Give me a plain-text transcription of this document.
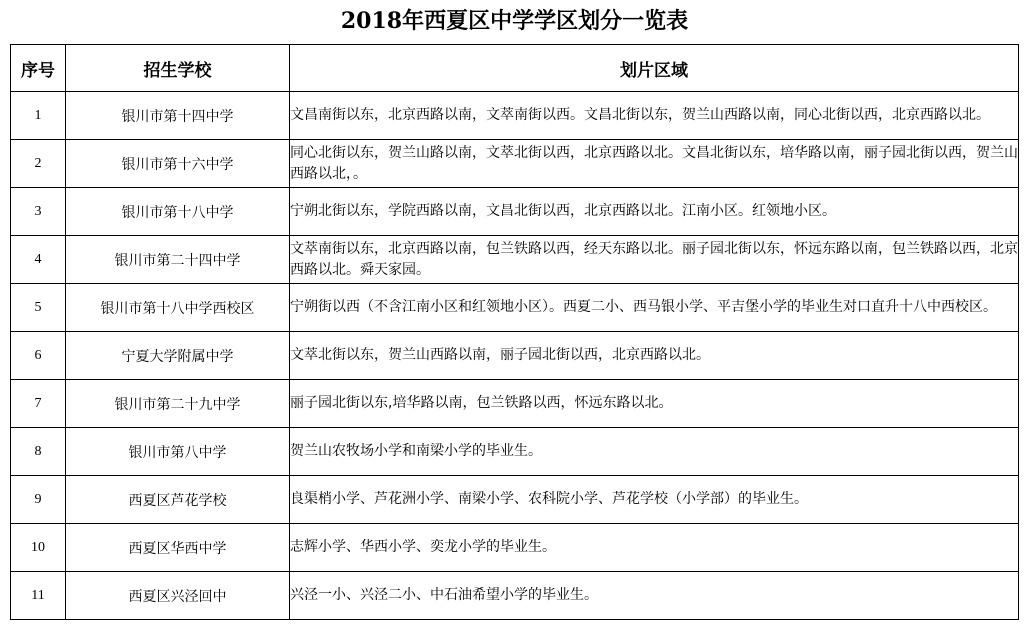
2018年西夏区中学学区划分一览表
序号	招生学校	划片区域
1	银川市第十四中学	文昌南街以东，北京西路以南，文萃南街以西。文昌北街以东，贺兰山西路以南，同心北街以西，北京西路以北。
2	银川市第十六中学	同心北街以东，贺兰山路以南，文萃北街以西，北京西路以北。文昌北街以东，培华路以南，丽子园北街以西，贺兰山西路以北，。
3	银川市第十八中学	宁朔北街以东，学院西路以南，文昌北街以西，北京西路以北。江南小区。红领地小区。
4	银川市第二十四中学	文萃南街以东，北京西路以南，包兰铁路以西，经天东路以北。丽子园北街以东，怀远东路以南，包兰铁路以西，北京西路以北。舜天家园。
5	银川市第十八中学西校区	宁朔街以西（不含江南小区和红领地小区）。西夏二小、西马银小学、平吉堡小学的毕业生对口直升十八中西校区。
6	宁夏大学附属中学	文萃北街以东，贺兰山西路以南，丽子园北街以西，北京西路以北。
7	银川市第二十九中学	丽子园北街以东,培华路以南，包兰铁路以西，怀远东路以北。
8	银川市第八中学	贺兰山农牧场小学和南梁小学的毕业生。
9	西夏区芦花学校	良渠梢小学、芦花洲小学、南梁小学、农科院小学、芦花学校（小学部）的毕业生。
10	西夏区华西中学	志辉小学、华西小学、奕龙小学的毕业生。
11	西夏区兴泾回中	兴泾一小、兴泾二小、中石油希望小学的毕业生。
